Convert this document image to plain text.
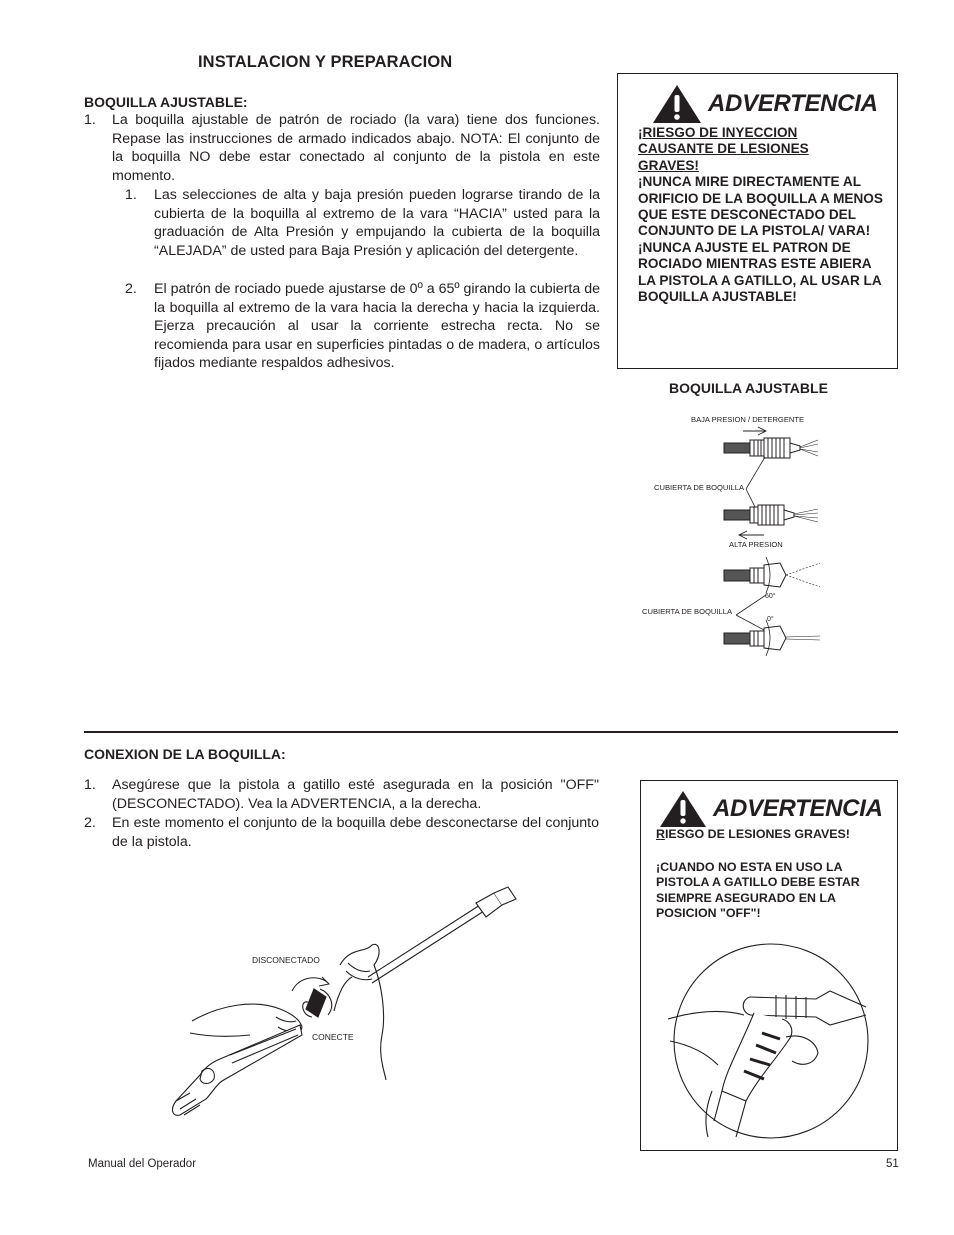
INSTALACION Y PREPARACION
BOQUILLA AJUSTABLE:
1. La boquilla ajustable de patrón de rociado (la vara) tiene dos funciones. Repase las instrucciones de armado indicados abajo. NOTA: El conjunto de la boquilla NO debe estar conectado al conjunto de la pistola en este momento.
1. Las selecciones de alta y baja presión pueden lograrse tirando de la cubierta de la boquilla al extremo de la vara “HACIA” usted para la graduación de Alta Presión y empujando la cubierta de la boquilla “ALEJADA” de usted para Baja Presión y aplicación del detergente.
2. El patrón de rociado puede ajustarse de 0º a 65º girando la cubierta de la boquilla al extremo de la vara hacia la derecha y hacia la izquierda. Ejerza precaución al usar la corriente estrecha recta. No se recomienda para usar en superficies pintadas o de madera, o artículos fijados mediante respaldos adhesivos.
ADVERTENCIA
¡RIESGO DE INYECCION
CAUSANTE DE LESIONES
GRAVES!
¡NUNCA MIRE DIRECTAMENTE AL ORIFICIO DE LA BOQUILLA A MENOS QUE ESTE DESCONECTADO DEL CONJUNTO DE LA PISTOLA/ VARA! ¡NUNCA AJUSTE EL PATRON DE ROCIADO MIENTRAS ESTE ABIERA LA PISTOLA A GATILLO, AL USAR LA BOQUILLA AJUSTABLE!
BOQUILLA AJUSTABLE
BAJA PRESION / DETERGENTE
CUBIERTA DE BOQUILLA
ALTA PRESION
CUBIERTA DE BOQUILLA
60°
0°
CONEXION DE LA BOQUILLA:
1. Asegúrese que la pistola a gatillo esté asegurada en la posición "OFF" (DESCONECTADO). Vea la ADVERTENCIA, a la derecha.
2. En este momento el conjunto de la boquilla debe desconectarse del conjunto de la pistola.
DISCONECTADO
CONECTE
ADVERTENCIA
RIESGO DE LESIONES GRAVES!
¡CUANDO NO ESTA EN USO LA PISTOLA A GATILLO DEBE ESTAR SIEMPRE ASEGURADO EN LA POSICION "OFF"!
Manual del Operador	51
